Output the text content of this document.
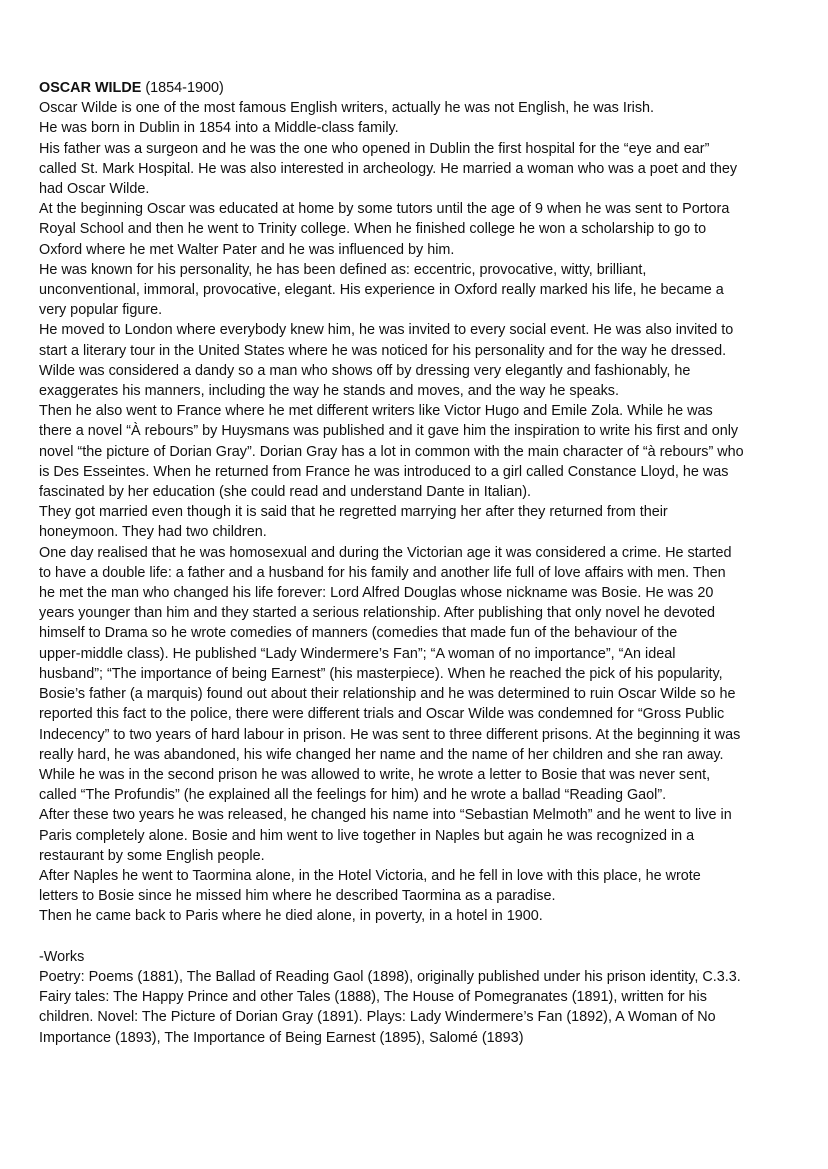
OSCAR WILDE (1854-1900)
Oscar Wilde is one of the most famous English writers, actually he was not English, he was Irish.
He was born in Dublin in 1854 into a Middle-class family.
His father was a surgeon and he was the one who opened in Dublin the first hospital for the “eye and ear”
called St. Mark Hospital. He was also interested in archeology. He married a woman who was a poet and they
had Oscar Wilde.
At the beginning Oscar was educated at home by some tutors until the age of 9 when he was sent to Portora
Royal School and then he went to Trinity college. When he finished college he won a scholarship to go to
Oxford where he met Walter Pater and he was influenced by him.
He was known for his personality, he has been defined as: eccentric, provocative, witty, brilliant,
unconventional, immoral, provocative, elegant. His experience in Oxford really marked his life, he became a
very popular figure.
He moved to London where everybody knew him, he was invited to every social event. He was also invited to
start a literary tour in the United States where he was noticed for his personality and for the way he dressed.
Wilde was considered a dandy so a man who shows off by dressing very elegantly and fashionably, he
exaggerates his manners, including the way he stands and moves, and the way he speaks.
Then he also went to France where he met different writers like Victor Hugo and Emile Zola. While he was
there a novel “À rebours” by Huysmans was published and it gave him the inspiration to write his first and only
novel “the picture of Dorian Gray”. Dorian Gray has a lot in common with the main character of “à rebours” who
is Des Esseintes. When he returned from France he was introduced to a girl called Constance Lloyd, he was
fascinated by her education (she could read and understand Dante in Italian).
They got married even though it is said that he regretted marrying her after they returned from their
honeymoon. They had two children.
One day realised that he was homosexual and during the Victorian age it was considered a crime. He started
to have a double life: a father and a husband for his family and another life full of love affairs with men. Then
he met the man who changed his life forever: Lord Alfred Douglas whose nickname was Bosie. He was 20
years younger than him and they started a serious relationship. After publishing that only novel he devoted
himself to Drama so he wrote comedies of manners (comedies that made fun of the behaviour of the
upper-middle class). He published “Lady Windermere’s Fan”; “A woman of no importance”, “An ideal
husband”; “The importance of being Earnest” (his masterpiece). When he reached the pick of his popularity,
Bosie’s father (a marquis) found out about their relationship and he was determined to ruin Oscar Wilde so he
reported this fact to the police, there were different trials and Oscar Wilde was condemned for “Gross Public
Indecency” to two years of hard labour in prison. He was sent to three different prisons. At the beginning it was
really hard, he was abandoned, his wife changed her name and the name of her children and she ran away.
While he was in the second prison he was allowed to write, he wrote a letter to Bosie that was never sent,
called “The Profundis” (he explained all the feelings for him) and he wrote a ballad “Reading Gaol”.
After these two years he was released, he changed his name into “Sebastian Melmoth” and he went to live in
Paris completely alone. Bosie and him went to live together in Naples but again he was recognized in a
restaurant by some English people.
After Naples he went to Taormina alone, in the Hotel Victoria, and he fell in love with this place, he wrote
letters to Bosie since he missed him where he described Taormina as a paradise.
Then he came back to Paris where he died alone, in poverty, in a hotel in 1900.
-Works
Poetry: Poems (1881), The Ballad of Reading Gaol (1898), originally published under his prison identity, C.3.3.
Fairy tales: The Happy Prince and other Tales (1888), The House of Pomegranates (1891), written for his
children. Novel: The Picture of Dorian Gray (1891). Plays: Lady Windermere’s Fan (1892), A Woman of No
Importance (1893), The Importance of Being Earnest (1895), Salomé (1893)
